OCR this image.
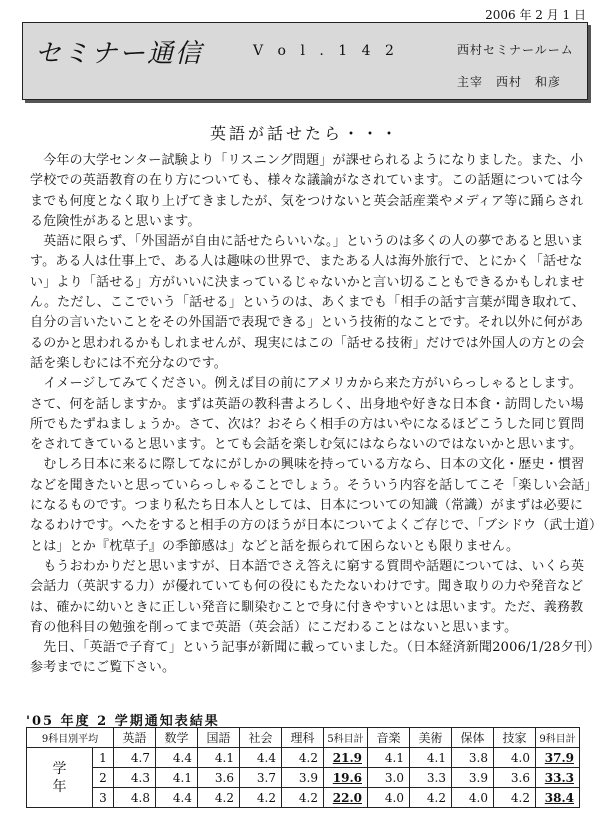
2006 年 2 月 1 日
セミナー通信	V o l . 1 4 2	西村セミナールーム
主宰　西村　和彦
英語が話せたら・・・
　今年の大学センター試験より「リスニング問題」が課せられるようになりました。また、小
学校での英語教育の在り方についても、様々な議論がなされています。この話題については今
までも何度となく取り上げてきましたが、気をつけないと英会話産業やメディア等に踊らされ
る危険性があると思います。
　英語に限らず、「外国語が自由に話せたらいいな。」というのは多くの人の夢であると思いま
す。ある人は仕事上で、ある人は趣味の世界で、またある人は海外旅行で、とにかく「話せな
い」より「話せる」方がいいに決まっているじゃないかと言い切ることもできるかもしれませ
ん。ただし、ここでいう「話せる」というのは、あくまでも「相手の話す言葉が聞き取れて、
自分の言いたいことをその外国語で表現できる」という技術的なことです。それ以外に何があ
るのかと思われるかもしれませんが、現実にはこの「話せる技術」だけでは外国人の方との会
話を楽しむには不充分なのです。
　イメージしてみてください。例えば目の前にアメリカから来た方がいらっしゃるとします。
さて、何を話しますか。まずは英語の教科書よろしく、出身地や好きな日本食・訪問したい場
所でもたずねましょうか。さて、次は？おそらく相手の方はいやになるほどこうした同じ質問
をされてきていると思います。とても会話を楽しむ気にはならないのではないかと思います。
　むしろ日本に来るに際してなにがしかの興味を持っている方なら、日本の文化・歴史・慣習
などを聞きたいと思っていらっしゃることでしょう。そういう内容を話してこそ「楽しい会話」
になるものです。つまり私たち日本人としては、日本についての知識（常識）がまずは必要に
なるわけです。へたをすると相手の方のほうが日本についてよくご存じで、「ブシドウ（武士道）
とは」とか『枕草子』の季節感は」などと話を振られて困らないとも限りません。
　もうおわかりだと思いますが、日本語でさえ答えに窮する質問や話題については、いくら英
会話力（英訳する力）が優れていても何の役にもたたないわけです。聞き取りの力や発音など
は、確かに幼いときに正しい発音に馴染むことで身に付きやすいとは思います。ただ、義務教
育の他科目の勉強を削ってまで英語（英会話）にこだわることはないと思います。
　先日、「英語で子育て」という記事が新聞に載っていました。（日本経済新聞2006/1/28夕刊）
参考までにご覧下さい。
'05 年度 2 学期通知表結果
9科目別平均		英語	数学	国語	社会	理科	5科目計	音楽	美術	保体	技家	9科目計

学
年	1	4.7	4.4	4.1	4.4	4.2	21.9	4.1	4.1	3.8	4.0	37.9
	2	4.3	4.1	3.6	3.7	3.9	19.6	3.0	3.3	3.9	3.6	33.3
	3	4.8	4.4	4.2	4.2	4.2	22.0	4.0	4.2	4.0	4.2	38.4
